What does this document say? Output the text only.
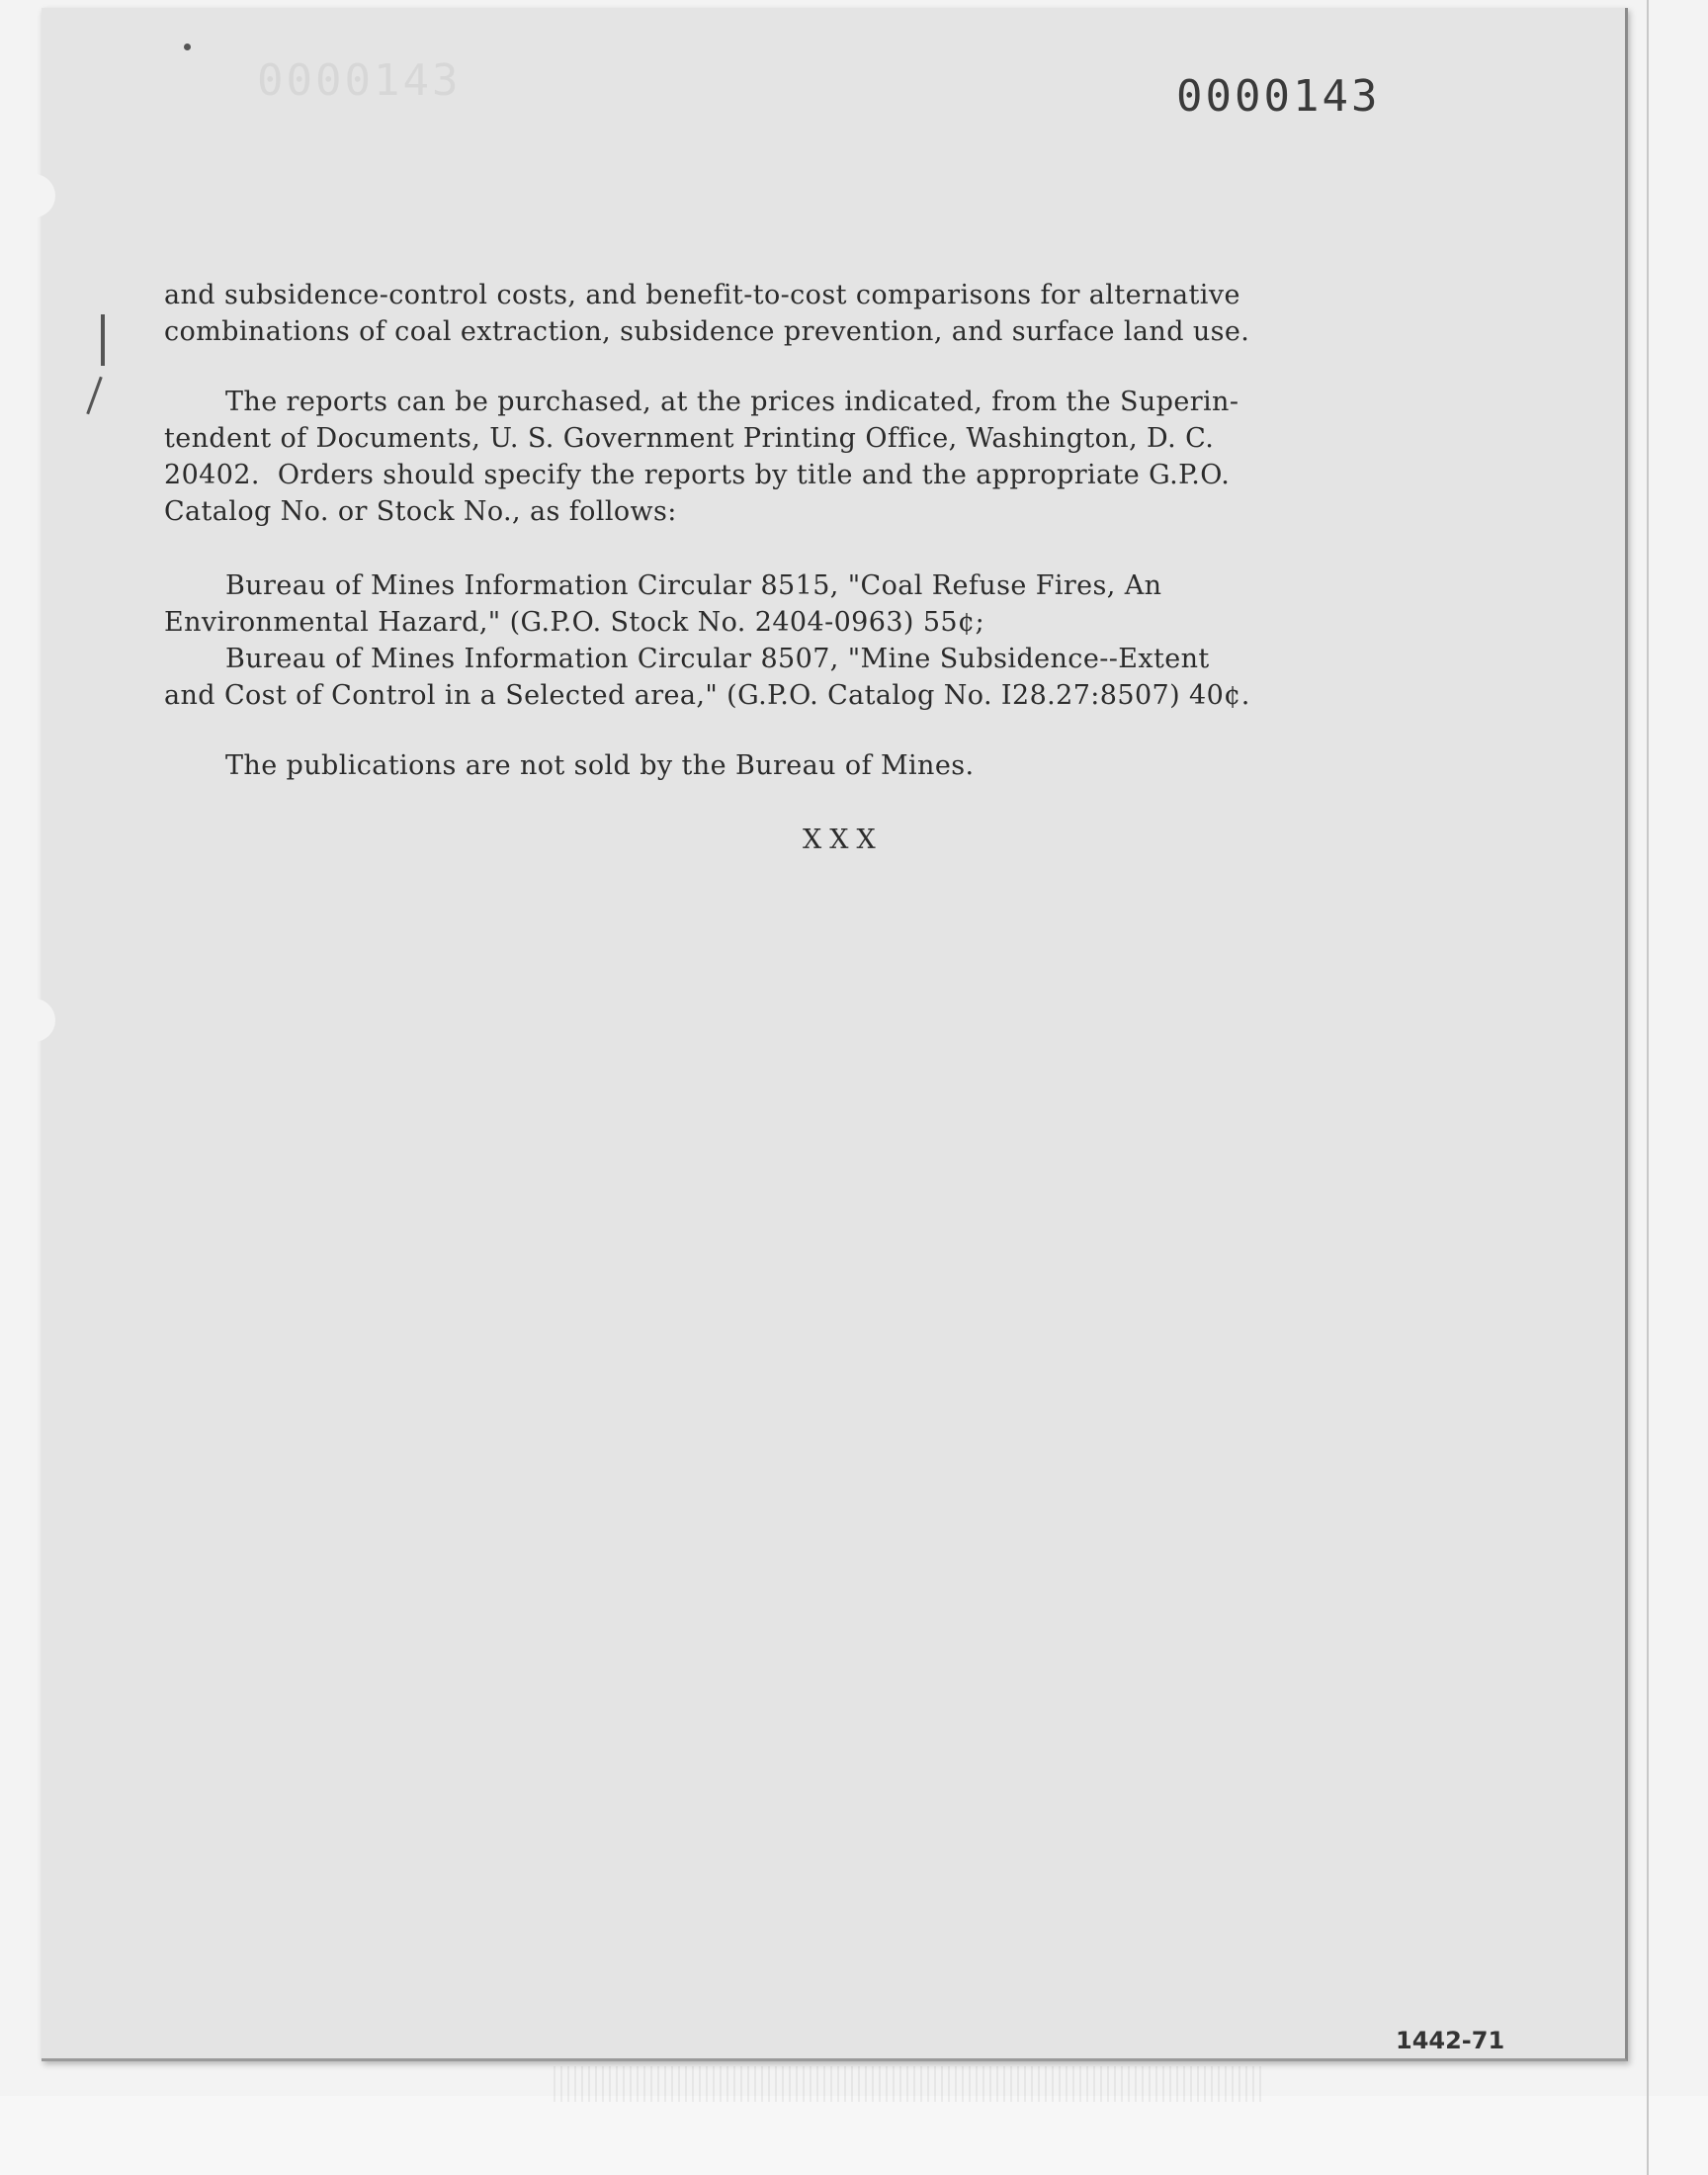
0000143	0000143
and subsidence-control costs, and benefit-to-cost comparisons for alternative
combinations of coal extraction, subsidence prevention, and surface land use.
The reports can be purchased, at the prices indicated, from the Superin-
tendent of Documents, U. S. Government Printing Office, Washington, D. C.
20402.  Orders should specify the reports by title and the appropriate G.P.O.
Catalog No. or Stock No., as follows:
Bureau of Mines Information Circular 8515, "Coal Refuse Fires, An
Environmental Hazard," (G.P.O. Stock No. 2404-0963) 55¢;
Bureau of Mines Information Circular 8507, "Mine Subsidence--Extent
and Cost of Control in a Selected area," (G.P.O. Catalog No. I28.27:8507) 40¢.
The publications are not sold by the Bureau of Mines.
XXX
1442-71
